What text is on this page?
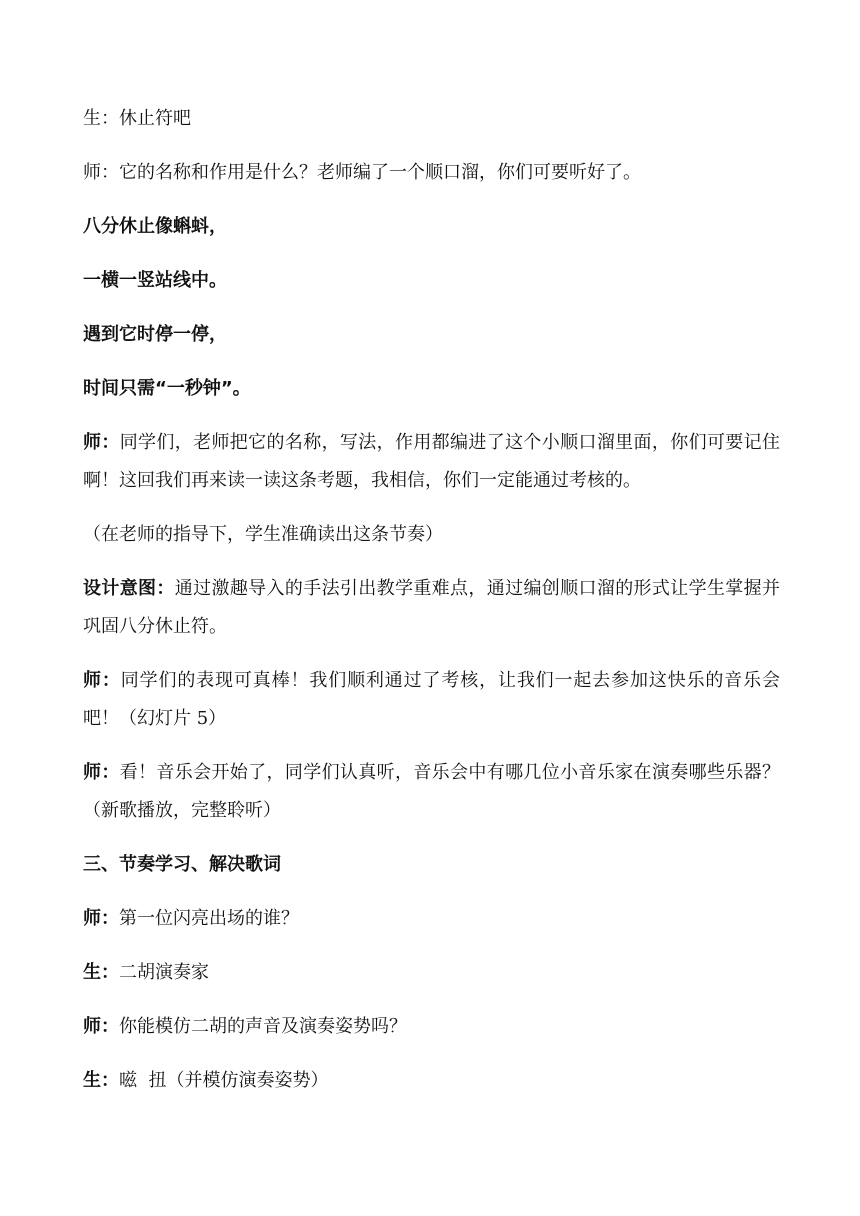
生：休止符吧

师：它的名称和作用是什么？老师编了一个顺口溜，你们可要听好了。

八分休止像蝌蚪，

一横一竖站线中。

遇到它时停一停，

时间只需“一秒钟”。

师：同学们，老师把它的名称，写法，作用都编进了这个小顺口溜里面，你们可要记住啊！这回我们再来读一读这条考题，我相信，你们一定能通过考核的。

（在老师的指导下，学生准确读出这条节奏）

设计意图：通过激趣导入的手法引出教学重难点，通过编创顺口溜的形式让学生掌握并巩固八分休止符。

师：同学们的表现可真棒！我们顺利通过了考核，让我们一起去参加这快乐的音乐会吧！（幻灯片 5）

师：看！音乐会开始了，同学们认真听，音乐会中有哪几位小音乐家在演奏哪些乐器？（新歌播放，完整聆听）

三、节奏学习、解决歌词

师：第一位闪亮出场的谁？

生：二胡演奏家

师：你能模仿二胡的声音及演奏姿势吗？

生：嗞  扭（并模仿演奏姿势）
